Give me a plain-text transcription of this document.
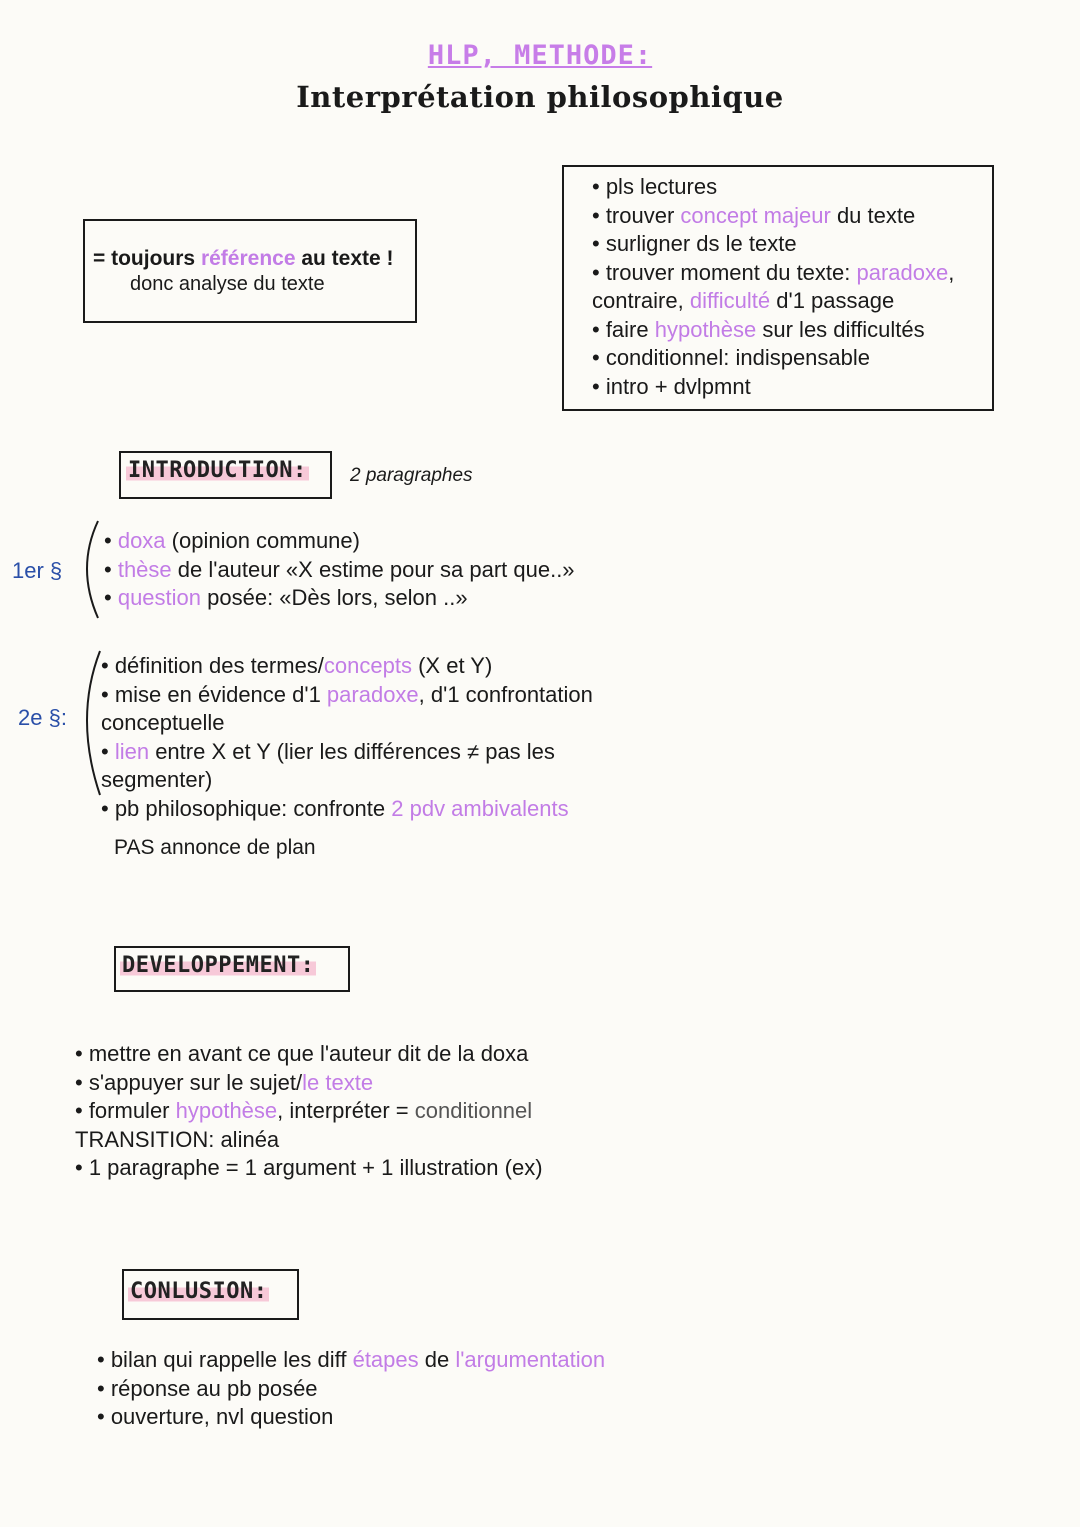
HLP, METHODE:
Interprétation philosophique
= toujours référence au texte !
donc analyse du texte
• pls lectures
• trouver concept majeur du texte
• surligner ds le texte
• trouver moment du texte: paradoxe,
contraire, difficulté d'1 passage
• faire hypothèse sur les difficultés
• conditionnel: indispensable
• intro + dvlpmnt
INTRODUCTION:	2 paragraphes
1er §
• doxa (opinion commune)
• thèse de l'auteur «X estime pour sa part que..»
• question posée: «Dès lors, selon ..»
2e §:
• définition des termes/concepts (X et Y)
• mise en évidence d'1 paradoxe, d'1 confrontation
conceptuelle
• lien entre X et Y (lier les différences ≠ pas les
segmenter)
• pb philosophique: confronte 2 pdv ambivalents
PAS annonce de plan
DEVELOPPEMENT:
• mettre en avant ce que l'auteur dit de la doxa
• s'appuyer sur le sujet/le texte
• formuler hypothèse, interpréter = conditionnel
TRANSITION: alinéa
• 1 paragraphe = 1 argument + 1 illustration (ex)
CONLUSION:
• bilan qui rappelle les diff étapes de l'argumentation
• réponse au pb posée
• ouverture, nvl question
